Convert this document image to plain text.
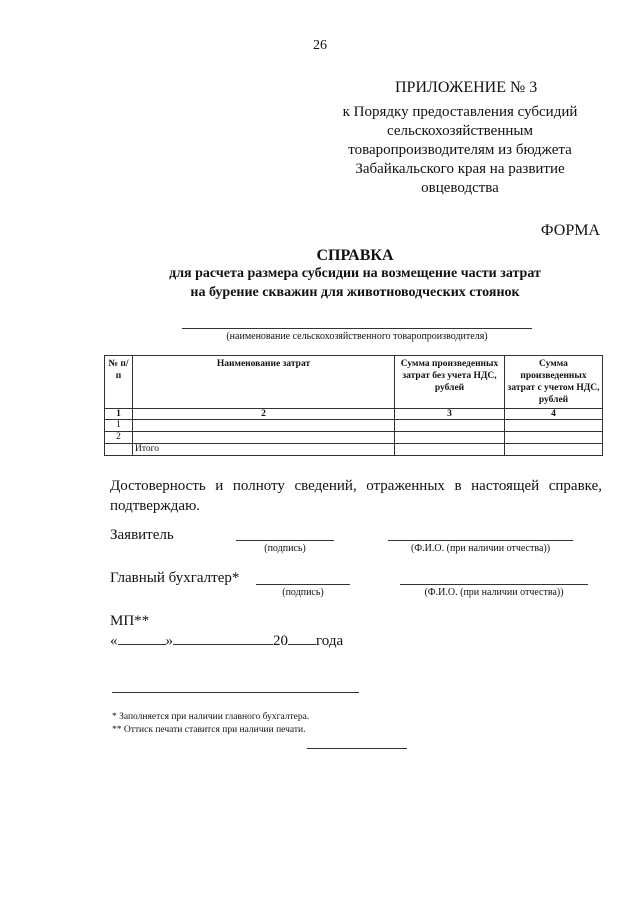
26
ПРИЛОЖЕНИЕ № 3
к Порядку предоставления субсидий
сельскохозяйственным
товаропроизводителям из бюджета
Забайкальского края на развитие
овцеводства
ФОРМА
СПРАВКА
для расчета размера субсидии на возмещение части затрат
на бурение скважин для животноводческих стоянок
(наименование сельскохозяйственного товаропроизводителя)
№ п/п	Наименование затрат	Сумма произведенных затрат без учета НДС, рублей	Сумма произведенных затрат с учетом НДС, рублей
1	2	3	4
1			
2			
	Итого		
Достоверность и полноту сведений, отраженных в настоящей справке, подтверждаю.
Заявитель
(подпись)	(Ф.И.О. (при наличии отчества))
Главный бухгалтер*
(подпись)	(Ф.И.О. (при наличии отчества))
МП**
«	»	20 года
* Заполняется при наличии главного бухгалтера.
** Оттиск печати ставится при наличии печати.
